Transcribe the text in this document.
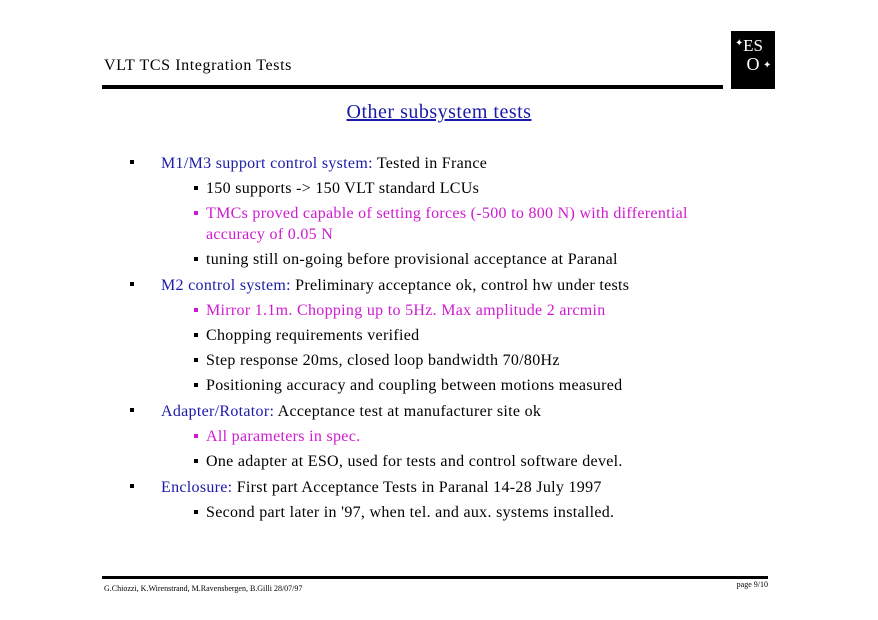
VLT TCS Integration Tests
✦
✦
ES
O
Other subsystem tests
M1/M3 support control system: Tested in France
150 supports -> 150 VLT standard LCUs
TMCs proved capable of setting forces (-500 to 800 N) with differential accuracy of 0.05 N
tuning still on-going before provisional acceptance at Paranal
M2 control system: Preliminary acceptance ok, control hw under tests
Mirror 1.1m. Chopping up to 5Hz. Max amplitude 2 arcmin
Chopping requirements verified
Step response 20ms, closed loop bandwidth 70/80Hz
Positioning accuracy and coupling between motions measured
Adapter/Rotator: Acceptance test at manufacturer site ok
All parameters in spec.
One adapter at ESO, used for tests and control software devel.
Enclosure: First part Acceptance Tests in Paranal 14-28 July 1997
Second part later in '97, when tel. and aux. systems installed.
G.Chiozzi, K.Wirenstrand, M.Ravensbergen, B.Gilli 28/07/97	page 9/10
